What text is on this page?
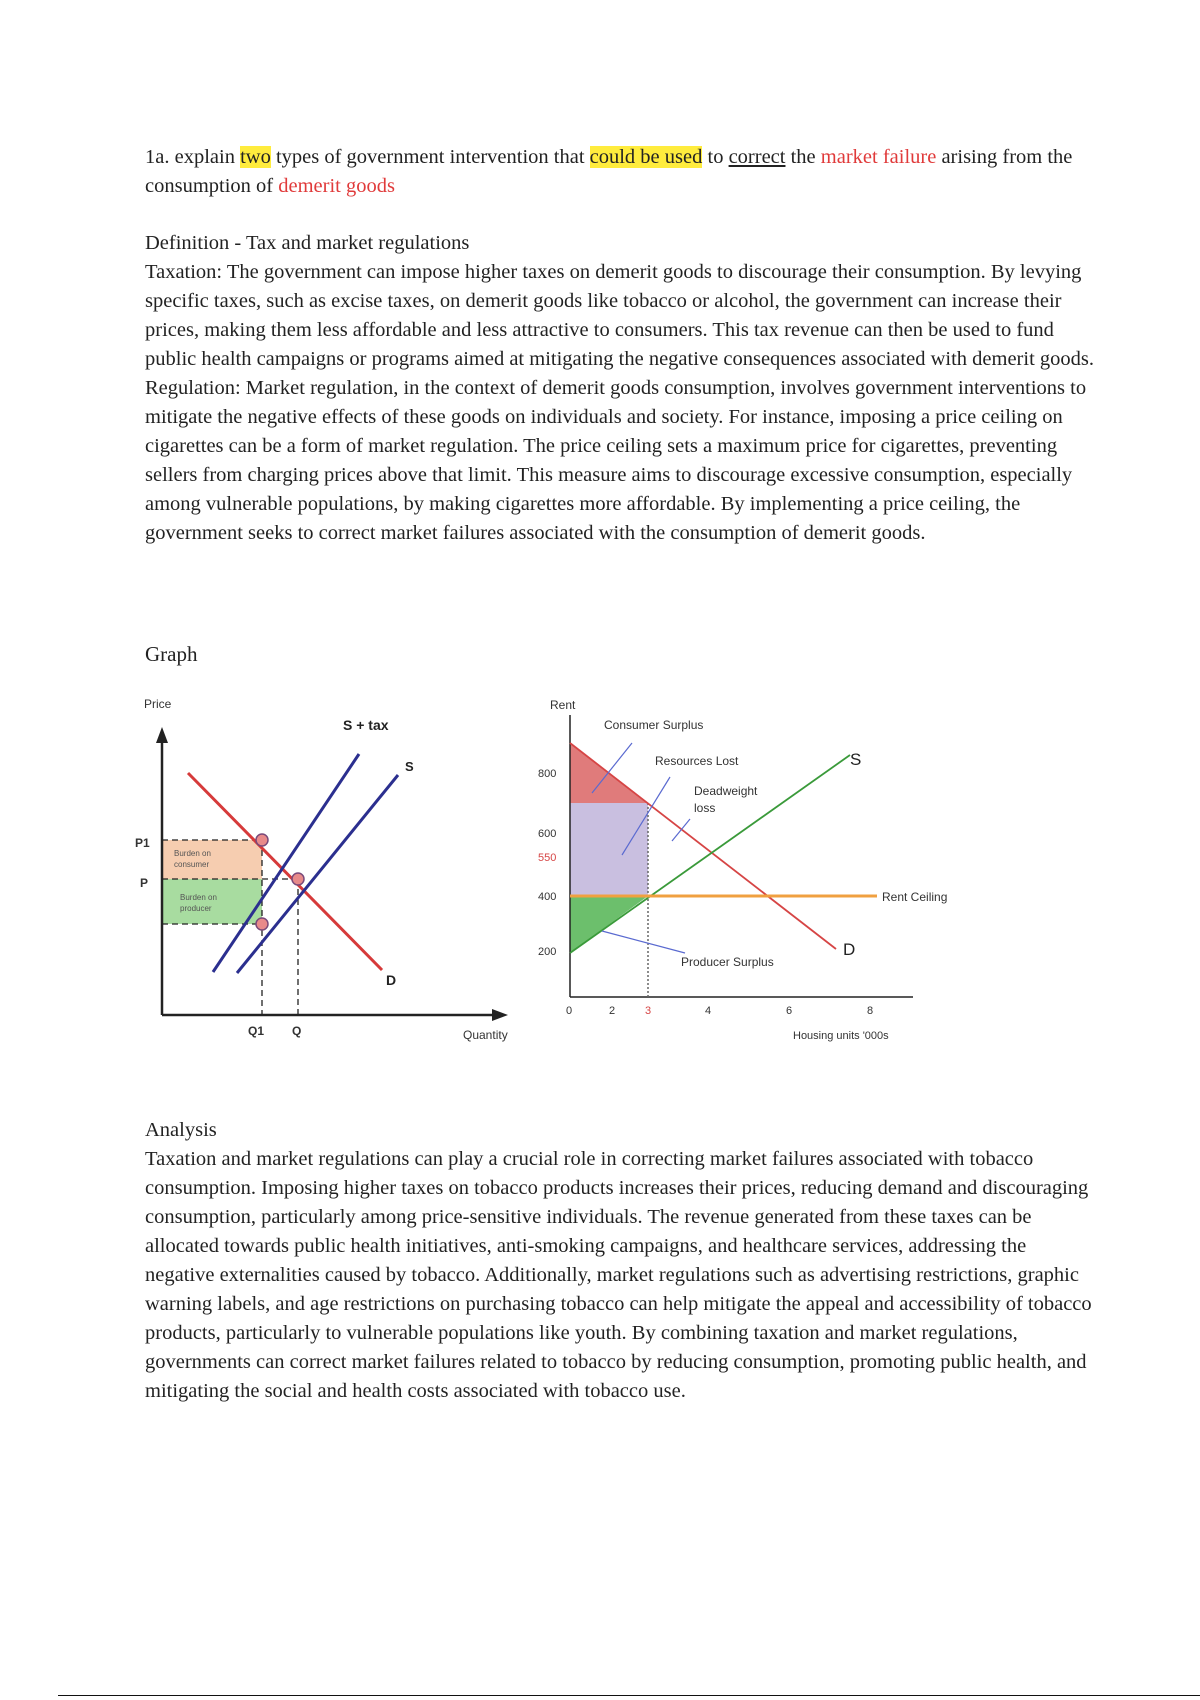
1a. explain two types of government intervention that could be used to correct the market failure arising from the consumption of demerit goods

Definition - Tax and market regulations

Taxation: The government can impose higher taxes on demerit goods to discourage their consumption. By levying specific taxes, such as excise taxes, on demerit goods like tobacco or alcohol, the government can increase their prices, making them less affordable and less attractive to consumers. This tax revenue can then be used to fund public health campaigns or programs aimed at mitigating the negative consequences associated with demerit goods.

Regulation: Market regulation, in the context of demerit goods consumption, involves government interventions to mitigate the negative effects of these goods on individuals and society. For instance, imposing a price ceiling on cigarettes can be a form of market regulation. The price ceiling sets a maximum price for cigarettes, preventing sellers from charging prices above that limit. This measure aims to discourage excessive consumption, especially among vulnerable populations, by making cigarettes more affordable. By implementing a price ceiling, the government seeks to correct market failures associated with the consumption of demerit goods.

Graph
Burden on
consumer
Burden on
producer
Price
S + tax
S
D
P1
P
Q1 Q	Quantity
Rent
800
600
550
400
200
0	2	3	4	6	8
Housing units '000s
Consumer Surplus
Resources Lost
Deadweight
loss
Producer Surplus
Rent Ceiling
S
D

Analysis

Taxation and market regulations can play a crucial role in correcting market failures associated with tobacco consumption. Imposing higher taxes on tobacco products increases their prices, reducing demand and discouraging consumption, particularly among price-sensitive individuals. The revenue generated from these taxes can be allocated towards public health initiatives, anti-smoking campaigns, and healthcare services, addressing the negative externalities caused by tobacco. Additionally, market regulations such as advertising restrictions, graphic warning labels, and age restrictions on purchasing tobacco can help mitigate the appeal and accessibility of tobacco products, particularly to vulnerable populations like youth. By combining taxation and market regulations, governments can correct market failures related to tobacco by reducing consumption, promoting public health, and mitigating the social and health costs associated with tobacco use.
